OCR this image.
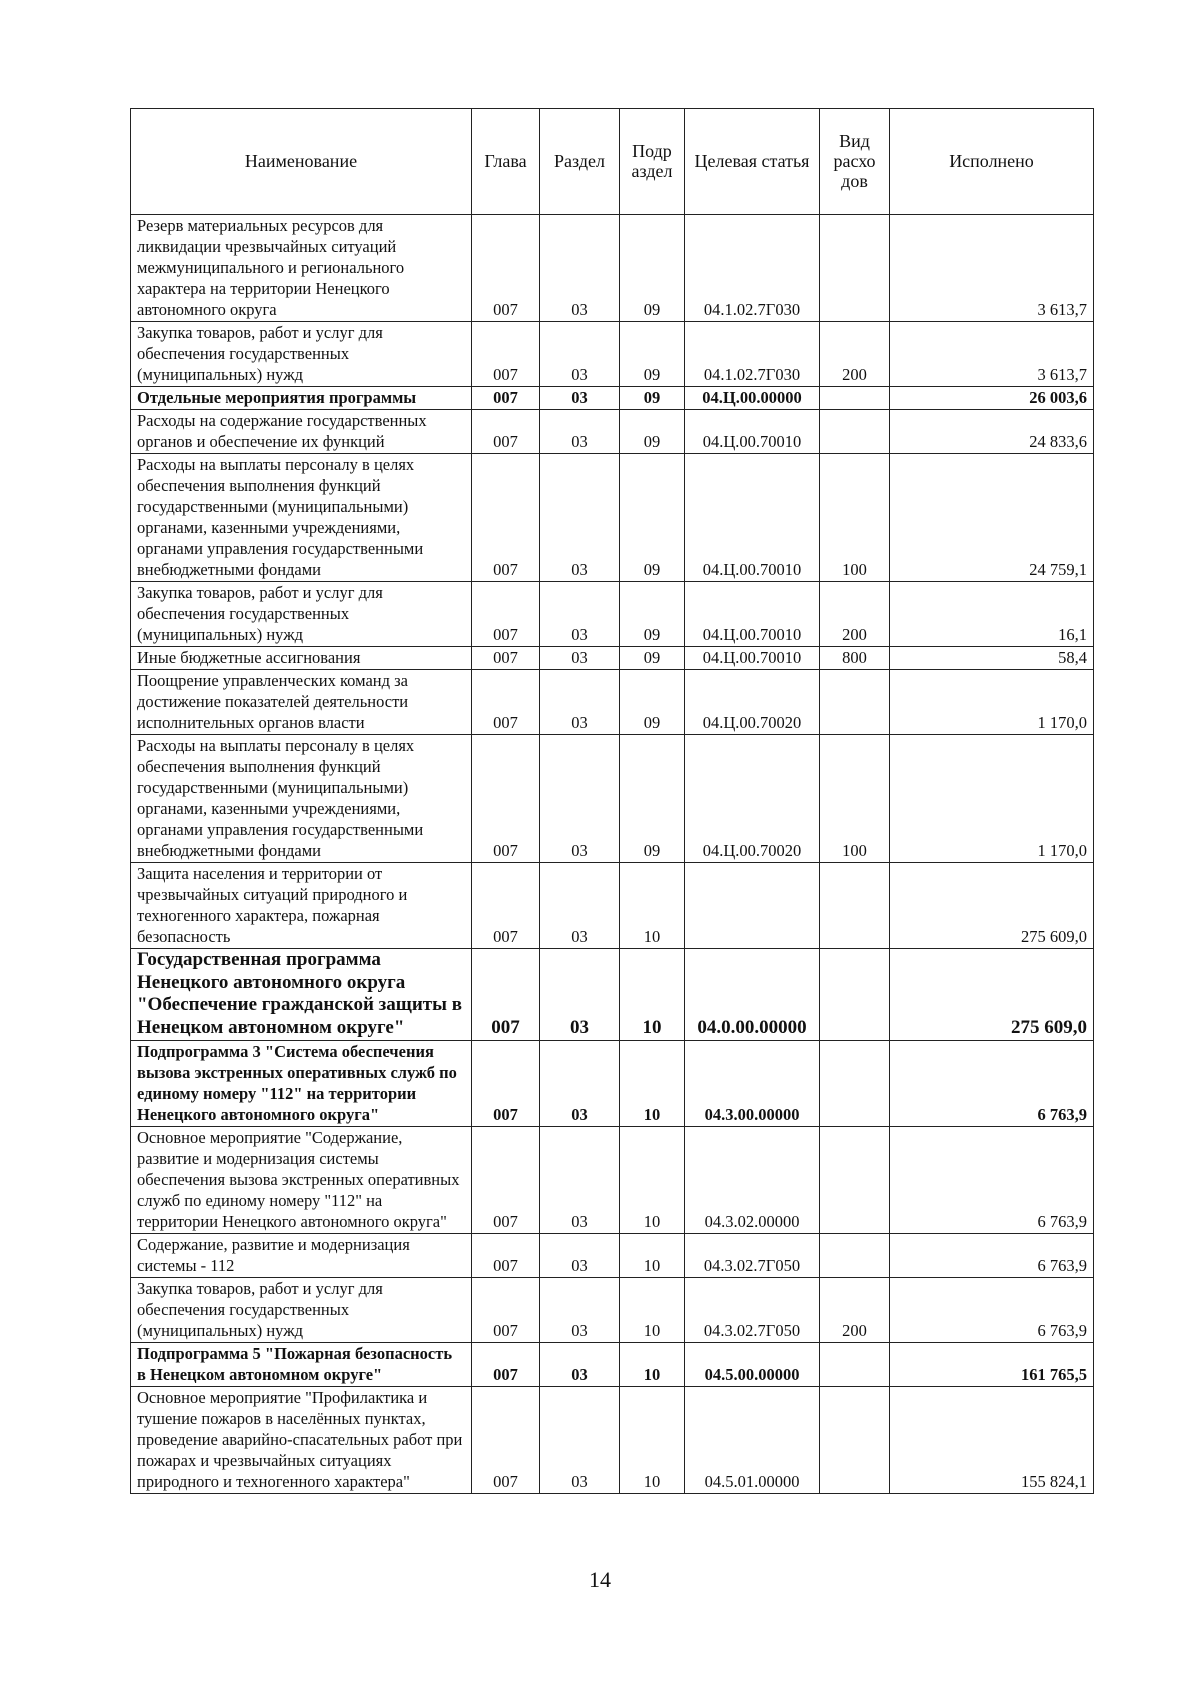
Наименование	Глава	Раздел	Подр аздел	Целевая статья	Вид расхо дов	Исполнено
Резерв материальных ресурсов для ликвидации чрезвычайных ситуаций межмуниципального и регионального характера на территории Ненецкого автономного округа	007	03	09	04.1.02.7Г030		3 613,7
Закупка товаров, работ и услуг для обеспечения государственных (муниципальных) нужд	007	03	09	04.1.02.7Г030	200	3 613,7
Отдельные мероприятия программы	007	03	09	04.Ц.00.00000		26 003,6
Расходы на содержание государственных органов и обеспечение их функций	007	03	09	04.Ц.00.70010		24 833,6
Расходы на выплаты персоналу в целях обеспечения выполнения функций государственными (муниципальными) органами, казенными учреждениями, органами управления государственными внебюджетными фондами	007	03	09	04.Ц.00.70010	100	24 759,1
Закупка товаров, работ и услуг для обеспечения государственных (муниципальных) нужд	007	03	09	04.Ц.00.70010	200	16,1
Иные бюджетные ассигнования	007	03	09	04.Ц.00.70010	800	58,4
Поощрение управленческих команд за достижение показателей деятельности исполнительных органов власти	007	03	09	04.Ц.00.70020		1 170,0
Расходы на выплаты персоналу в целях обеспечения выполнения функций государственными (муниципальными) органами, казенными учреждениями, органами управления государственными внебюджетными фондами	007	03	09	04.Ц.00.70020	100	1 170,0
Защита населения и территории от чрезвычайных ситуаций природного и техногенного характера, пожарная безопасность	007	03	10			275 609,0
Государственная программа Ненецкого автономного округа "Обеспечение гражданской защиты в Ненецком автономном округе"	007	03	10	04.0.00.00000		275 609,0
Подпрограмма 3 "Система обеспечения вызова экстренных оперативных служб по единому номеру "112" на территории Ненецкого автономного округа"	007	03	10	04.3.00.00000		6 763,9
Основное мероприятие "Содержание, развитие и модернизация системы обеспечения вызова экстренных оперативных служб по единому номеру "112" на территории Ненецкого автономного округа"	007	03	10	04.3.02.00000		6 763,9
Содержание, развитие и модернизация системы - 112	007	03	10	04.3.02.7Г050		6 763,9
Закупка товаров, работ и услуг для обеспечения государственных (муниципальных) нужд	007	03	10	04.3.02.7Г050	200	6 763,9
Подпрограмма 5 "Пожарная безопасность в Ненецком автономном округе"	007	03	10	04.5.00.00000		161 765,5
Основное мероприятие "Профилактика и тушение пожаров в населённых пунктах, проведение аварийно-спасательных работ при пожарах и чрезвычайных ситуациях природного и техногенного характера"	007	03	10	04.5.01.00000		155 824,1
14
